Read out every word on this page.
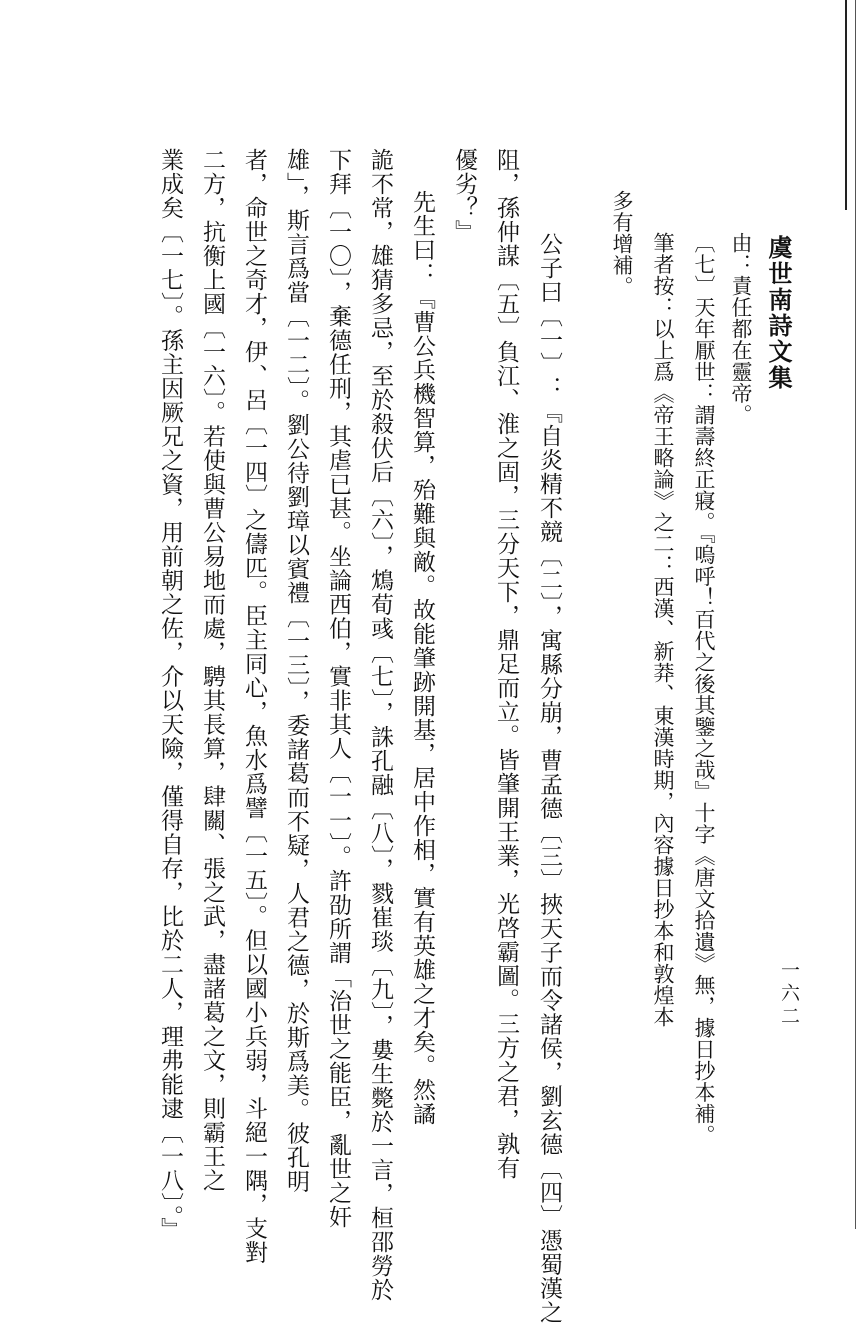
虞世南詩文集
一六二
由：責任都在靈帝。
〔七〕天年厭世：謂壽終正寢。『嗚呼！百代之後其鑒之哉』十字《唐文拾遺》無，據日抄本補。
筆者按：以上爲《帝王略論》之二：西漢、新莽、東漢時期，內容據日抄本和敦煌本
多有增補。
公子曰〔一〕：『自炎精不競〔二〕，寓縣分崩，曹孟德〔三〕挾天子而令諸侯，劉玄德〔四〕憑蜀漢之
阻，孫仲謀〔五〕負江、淮之固，三分天下，鼎足而立。皆肇開王業，光啓霸圖。三方之君，孰有
優劣？』
先生曰：『曹公兵機智算，殆難與敵。故能肇跡開基，居中作相，實有英雄之才矣。然譎
詭不常，雄猜多忌，至於殺伏后〔六〕，鴆荀彧〔七〕，誅孔融〔八〕，戮崔琰〔九〕，婁生斃於一言，桓邵勞於
下拜〔一〇〕，棄德任刑，其虐已甚。坐論西伯，實非其人〔一一〕。許劭所謂「治世之能臣，亂世之奸
雄」，斯言爲當〔一二〕。劉公待劉璋以賓禮〔一三〕，委諸葛而不疑，人君之德，於斯爲美。彼孔明
者，命世之奇才，伊、呂〔一四〕之儔匹。臣主同心，魚水爲譬〔一五〕。但以國小兵弱，斗絕一隅，支對
二方，抗衡上國〔一六〕。若使與曹公易地而處，騁其長算，肆關、張之武，盡諸葛之文，則霸王之
業成矣〔一七〕。孫主因厥兄之資，用前朝之佐，介以天險，僅得自存，比於二人，理弗能逮〔一八〕。』
